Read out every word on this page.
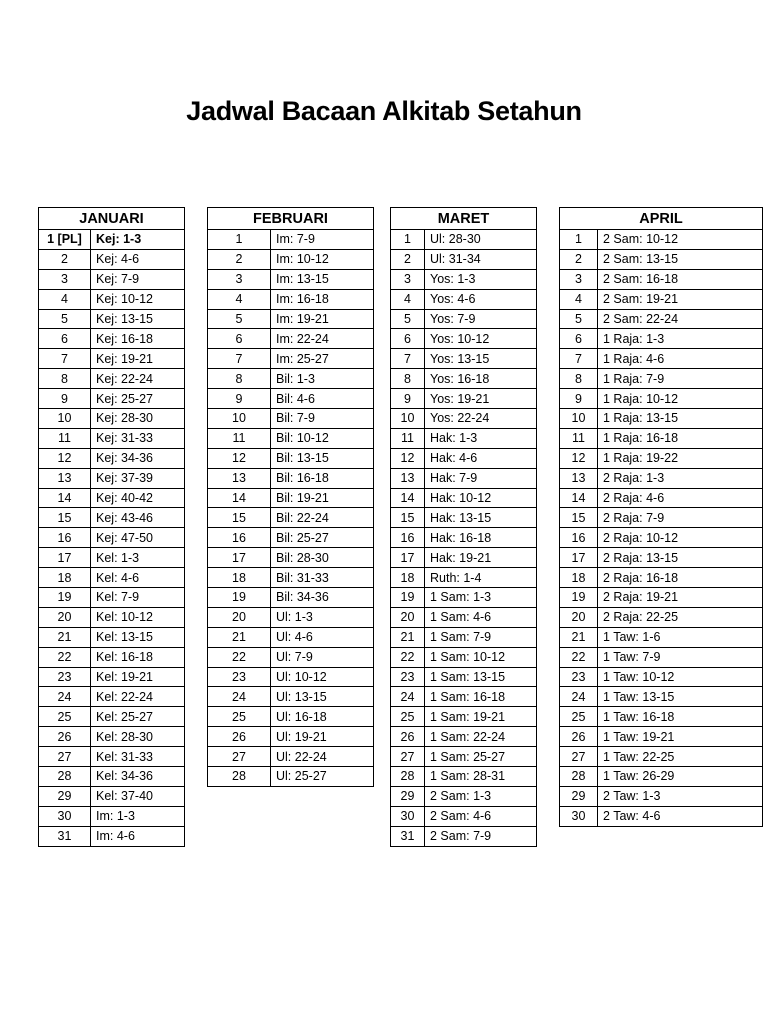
Jadwal Bacaan Alkitab Setahun
JANUARI	
1 [PL]	Kej: 1-3
2	Kej: 4-6
3	Kej: 7-9
4	Kej: 10-12
5	Kej: 13-15
6	Kej: 16-18
7	Kej: 19-21
8	Kej: 22-24
9	Kej: 25-27
10	Kej: 28-30
11	Kej: 31-33
12	Kej: 34-36
13	Kej: 37-39
14	Kej: 40-42
15	Kej: 43-46
16	Kej: 47-50
17	Kel: 1-3
18	Kel: 4-6
19	Kel: 7-9
20	Kel: 10-12
21	Kel: 13-15
22	Kel: 16-18
23	Kel: 19-21
24	Kel: 22-24
25	Kel: 25-27
26	Kel: 28-30
27	Kel: 31-33
28	Kel: 34-36
29	Kel: 37-40
30	Im: 1-3
31	Im: 4-6
FEBRUARI	
1	Im: 7-9
2	Im: 10-12
3	Im: 13-15
4	Im: 16-18
5	Im: 19-21
6	Im: 22-24
7	Im: 25-27
8	Bil: 1-3
9	Bil: 4-6
10	Bil: 7-9
11	Bil: 10-12
12	Bil: 13-15
13	Bil: 16-18
14	Bil: 19-21
15	Bil: 22-24
16	Bil: 25-27
17	Bil: 28-30
18	Bil: 31-33
19	Bil: 34-36
20	Ul: 1-3
21	Ul: 4-6
22	Ul: 7-9
23	Ul: 10-12
24	Ul: 13-15
25	Ul: 16-18
26	Ul: 19-21
27	Ul: 22-24
28	Ul: 25-27
MARET	
1	Ul: 28-30
2	Ul: 31-34
3	Yos: 1-3
4	Yos: 4-6
5	Yos: 7-9
6	Yos: 10-12
7	Yos: 13-15
8	Yos: 16-18
9	Yos: 19-21
10	Yos: 22-24
11	Hak: 1-3
12	Hak: 4-6
13	Hak: 7-9
14	Hak: 10-12
15	Hak: 13-15
16	Hak: 16-18
17	Hak: 19-21
18	Ruth: 1-4
19	1 Sam: 1-3
20	1 Sam: 4-6
21	1 Sam: 7-9
22	1 Sam: 10-12
23	1 Sam: 13-15
24	1 Sam: 16-18
25	1 Sam: 19-21
26	1 Sam: 22-24
27	1 Sam: 25-27
28	1 Sam: 28-31
29	2 Sam: 1-3
30	2 Sam: 4-6
31	2 Sam: 7-9
APRIL	
1	2 Sam: 10-12
2	2 Sam: 13-15
3	2 Sam: 16-18
4	2 Sam: 19-21
5	2 Sam: 22-24
6	1 Raja: 1-3
7	1 Raja: 4-6
8	1 Raja: 7-9
9	1 Raja: 10-12
10	1 Raja: 13-15
11	1 Raja: 16-18
12	1 Raja: 19-22
13	2 Raja: 1-3
14	2 Raja: 4-6
15	2 Raja: 7-9
16	2 Raja: 10-12
17	2 Raja: 13-15
18	2 Raja: 16-18
19	2 Raja: 19-21
20	2 Raja: 22-25
21	1 Taw: 1-6
22	1 Taw: 7-9
23	1 Taw: 10-12
24	1 Taw: 13-15
25	1 Taw: 16-18
26	1 Taw: 19-21
27	1 Taw: 22-25
28	1 Taw: 26-29
29	2 Taw: 1-3
30	2 Taw: 4-6
